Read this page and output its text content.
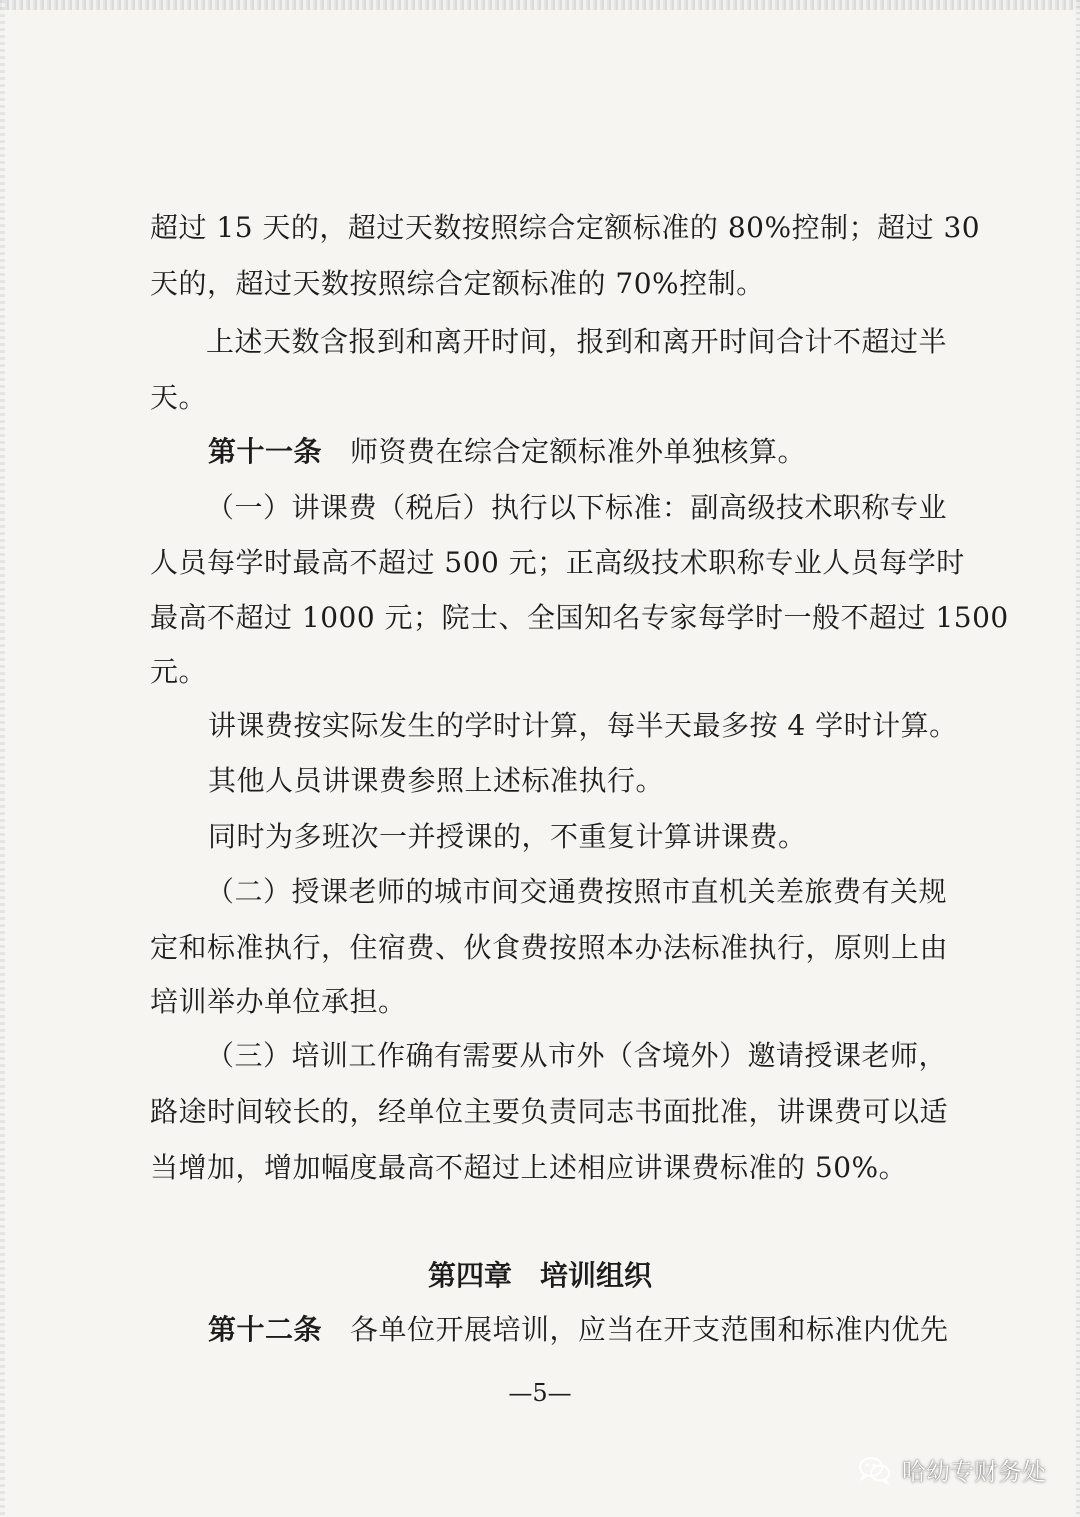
超过 15 天的，超过天数按照综合定额标准的 80%控制；超过 30
天的，超过天数按照综合定额标准的 70%控制。
上述天数含报到和离开时间，报到和离开时间合计不超过半
天。
第十一条 师资费在综合定额标准外单独核算。
（一）讲课费（税后）执行以下标准：副高级技术职称专业
人员每学时最高不超过 500 元；正高级技术职称专业人员每学时
最高不超过 1000 元；院士、全国知名专家每学时一般不超过 1500
元。
讲课费按实际发生的学时计算，每半天最多按 4 学时计算。
其他人员讲课费参照上述标准执行。
同时为多班次一并授课的，不重复计算讲课费。
（二）授课老师的城市间交通费按照市直机关差旅费有关规
定和标准执行，住宿费、伙食费按照本办法标准执行，原则上由
培训举办单位承担。
（三）培训工作确有需要从市外（含境外）邀请授课老师，
路途时间较长的，经单位主要负责同志书面批准，讲课费可以适
当增加，增加幅度最高不超过上述相应讲课费标准的 50%。
第四章 培训组织
第十二条 各单位开展培训，应当在开支范围和标准内优先
—5—
哈幼专财务处
